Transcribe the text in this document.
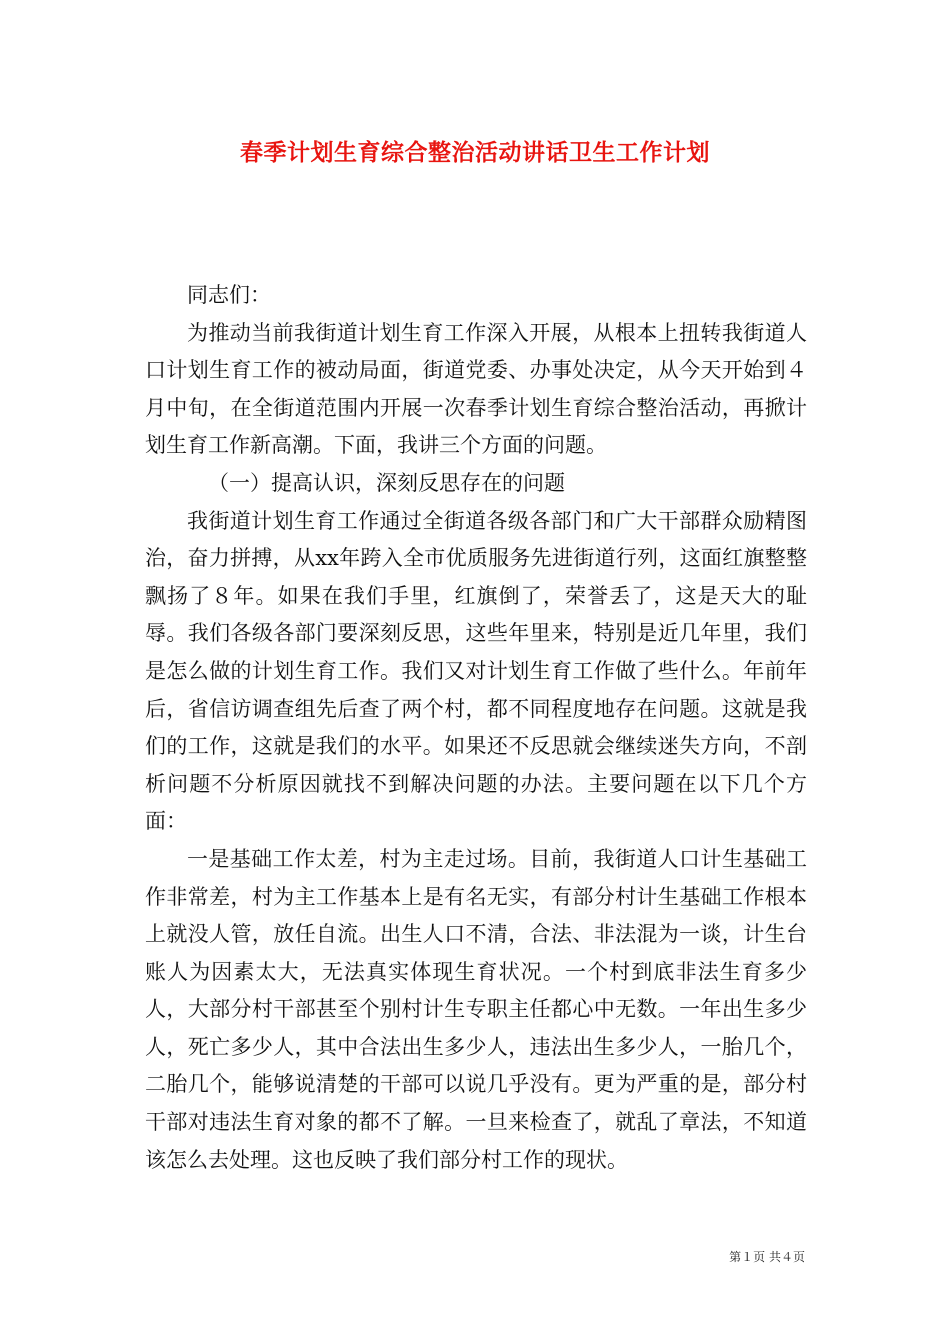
春季计划生育综合整治活动讲话卫生工作计划

同志们：

为推动当前我街道计划生育工作深入开展，从根本上扭转我街道人口计划生育工作的被动局面，街道党委、办事处决定，从今天开始到４月中旬，在全街道范围内开展一次春季计划生育综合整治活动，再掀计划生育工作新高潮。下面，我讲三个方面的问题。

（一）提高认识，深刻反思存在的问题

我街道计划生育工作通过全街道各级各部门和广大干部群众励精图治，奋力拼搏，从xx年跨入全市优质服务先进街道行列，这面红旗整整飘扬了８年。如果在我们手里，红旗倒了，荣誉丢了，这是天大的耻辱。我们各级各部门要深刻反思，这些年里来，特别是近几年里，我们是怎么做的计划生育工作。我们又对计划生育工作做了些什么。年前年后，省信访调查组先后查了两个村，都不同程度地存在问题。这就是我们的工作，这就是我们的水平。如果还不反思就会继续迷失方向，不剖析问题不分析原因就找不到解决问题的办法。主要问题在以下几个方面：

一是基础工作太差，村为主走过场。目前，我街道人口计生基础工作非常差，村为主工作基本上是有名无实，有部分村计生基础工作根本上就没人管，放任自流。出生人口不清，合法、非法混为一谈，计生台账人为因素太大，无法真实体现生育状况。一个村到底非法生育多少人，大部分村干部甚至个别村计生专职主任都心中无数。一年出生多少人，死亡多少人，其中合法出生多少人，违法出生多少人，一胎几个，二胎几个，能够说清楚的干部可以说几乎没有。更为严重的是，部分村干部对违法生育对象的都不了解。一旦来检查了，就乱了章法，不知道该怎么去处理。这也反映了我们部分村工作的现状。

第１页 共４页
